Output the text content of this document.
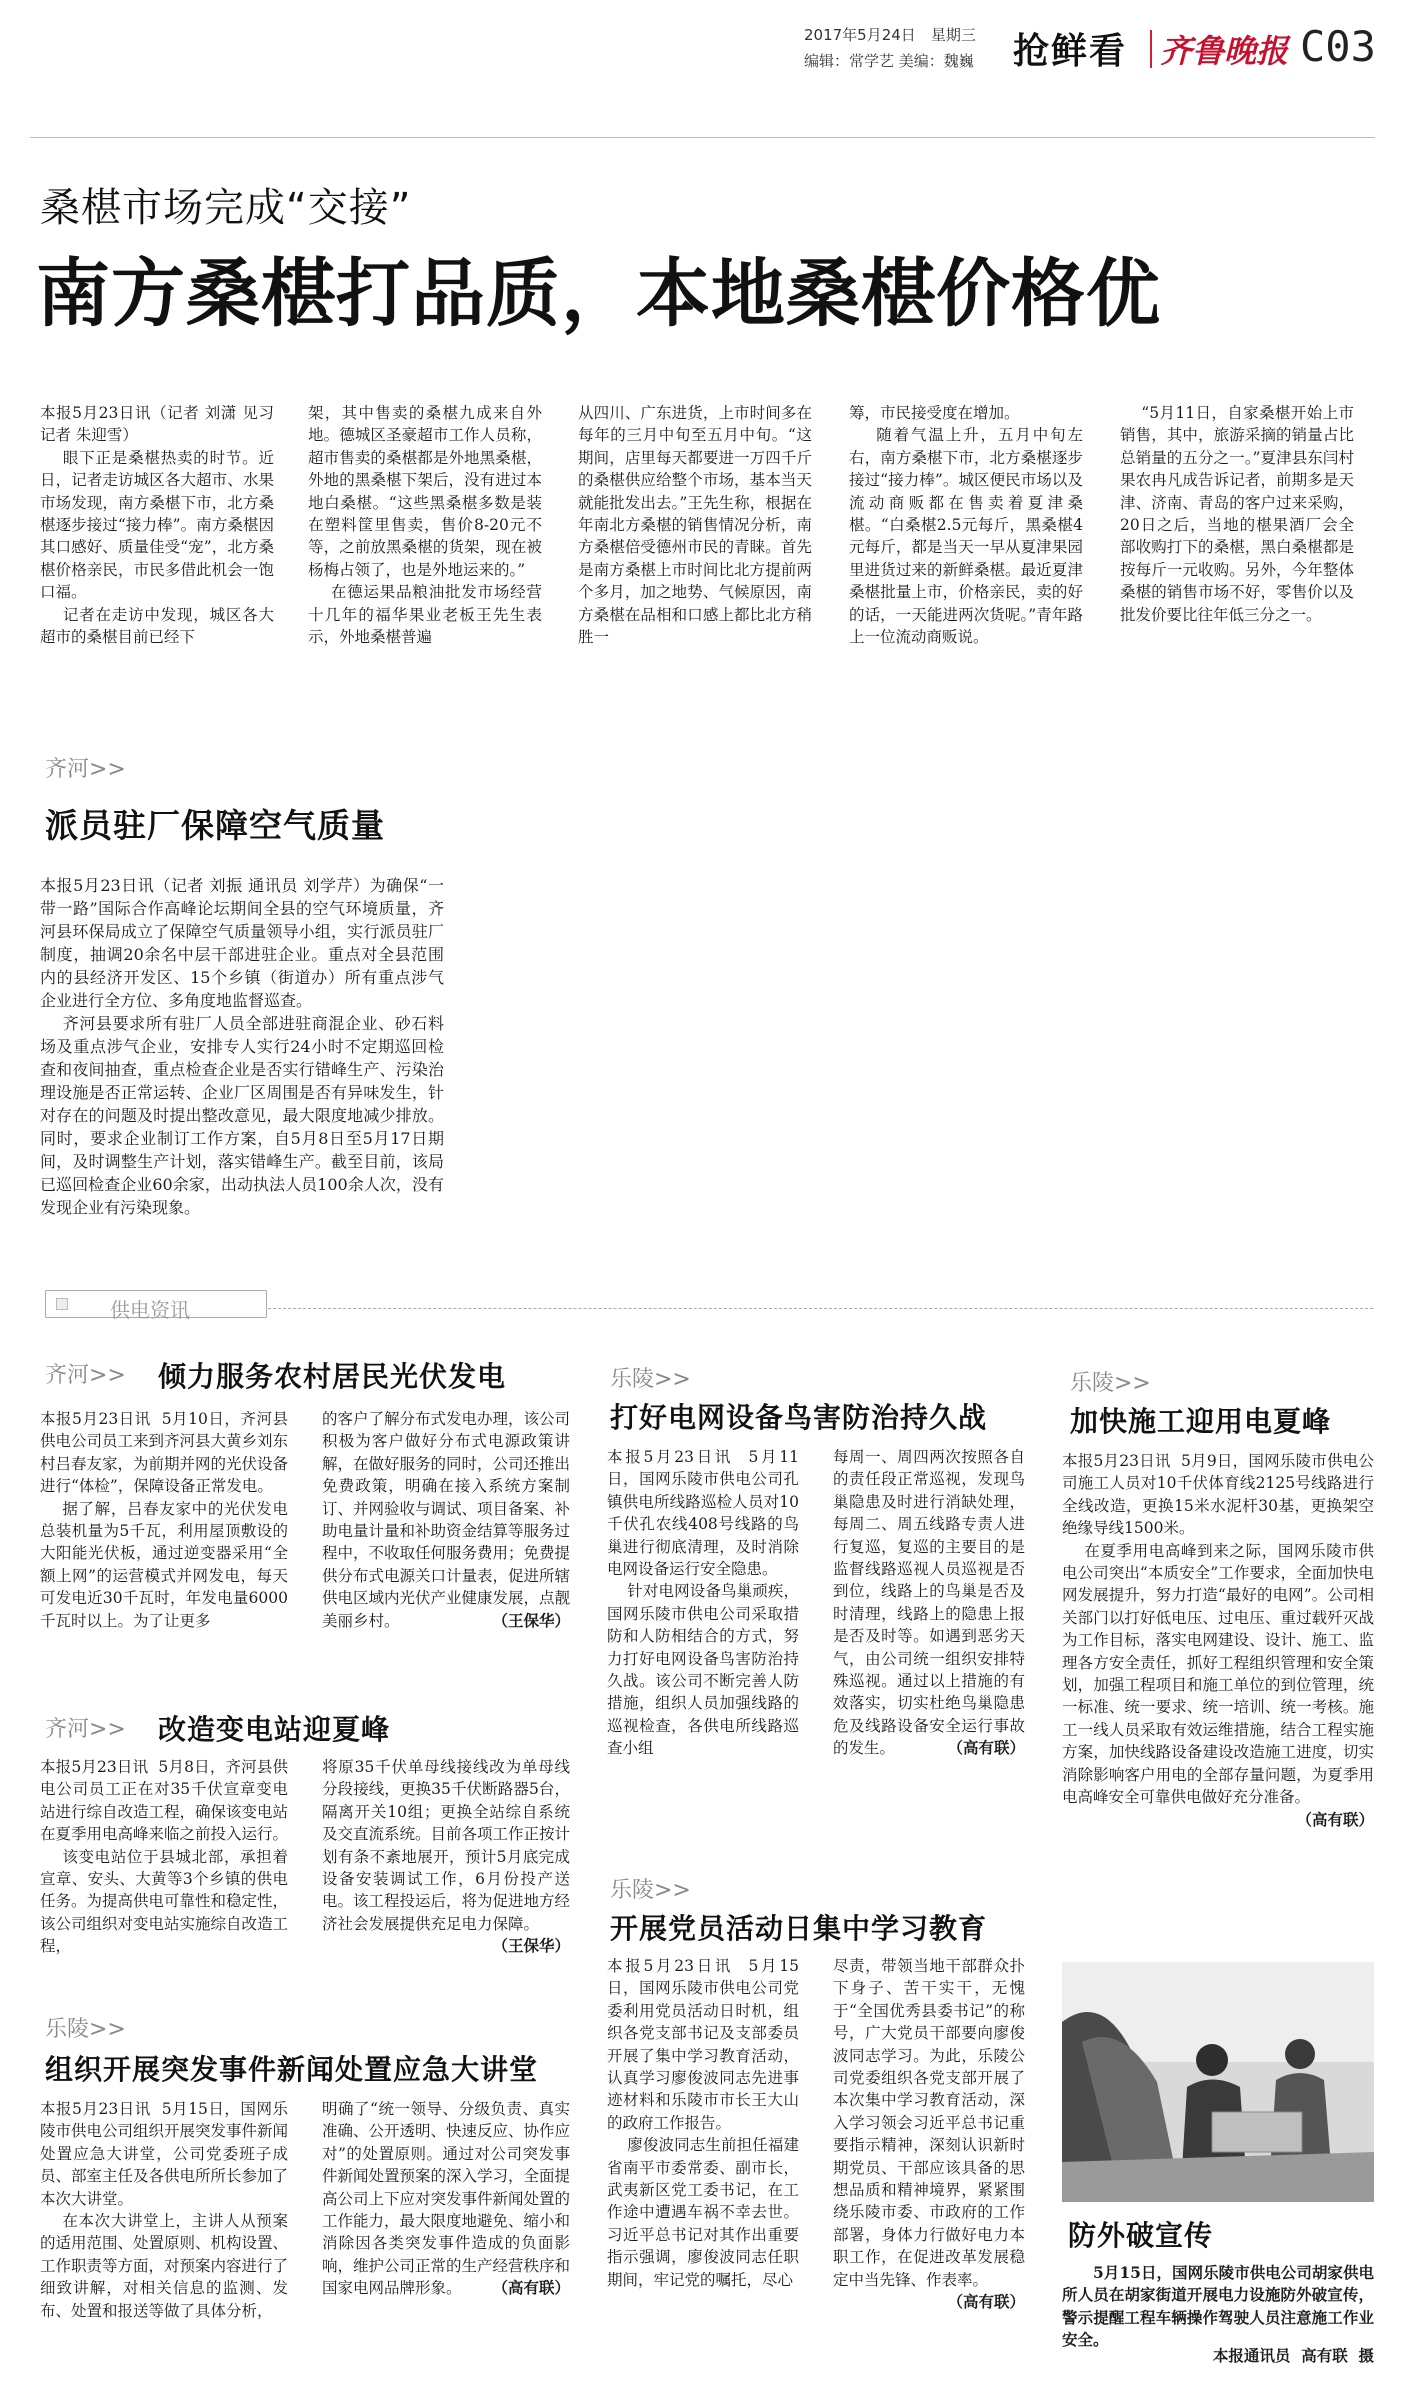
2017年5月24日　 星期三
编辑：常学艺 美编：魏巍 抢鲜看 齐鲁晚报 C03
桑椹市场完成“交接”
南方桑椹打品质，本地桑椹价格优
本报5月23日讯（记者 刘潇 见习记者 朱迎雪）
眼下正是桑椹热卖的时节。近日，记者走访城区各大超市、水果市场发现，南方桑椹下市，北方桑椹逐步接过“接力棒”。南方桑椹因其口感好、质量佳受“宠”，北方桑椹价格亲民，市民多借此机会一饱口福。
记者在走访中发现，城区各大超市的桑椹目前已经下
架，其中售卖的桑椹九成来自外地。德城区圣豪超市工作人员称，超市售卖的桑椹都是外地黑桑椹，外地的黑桑椹下架后，没有进过本地白桑椹。“这些黑桑椹多数是装在塑料筐里售卖，售价8-20元不等，之前放黑桑椹的货架，现在被杨梅占领了，也是外地运来的。”
在德运果品粮油批发市场经营十几年的福华果业老板王先生表示，外地桑椹普遍
从四川、广东进货，上市时间多在每年的三月中旬至五月中旬。“这期间，店里每天都要进一万四千斤的桑椹供应给整个市场，基本当天就能批发出去。”王先生称，根据在年南北方桑椹的销售情况分析，南方桑椹倍受德州市民的青睐。首先是南方桑椹上市时间比北方提前两个多月，加之地势、气候原因，南方桑椹在品相和口感上都比北方稍胜一
筹，市民接受度在增加。
随着气温上升，五月中旬左右，南方桑椹下市，北方桑椹逐步接过“接力棒”。城区便民市场以及流动商贩都在售卖着夏津桑椹。“白桑椹2.5元每斤，黑桑椹4元每斤，都是当天一早从夏津果园里进货过来的新鲜桑椹。最近夏津桑椹批量上市，价格亲民，卖的好的话，一天能进两次货呢。”青年路上一位流动商贩说。
“5月11日，自家桑椹开始上市销售，其中，旅游采摘的销量占比总销量的五分之一。”夏津县东闫村果农冉凡成告诉记者，前期多是天津、济南、青岛的客户过来采购，20日之后，当地的椹果酒厂会全部收购打下的桑椹，黑白桑椹都是按每斤一元收购。另外，今年整体桑椹的销售市场不好，零售价以及批发价要比往年低三分之一。
齐河>>
派员驻厂保障空气质量
本报5月23日讯（记者 刘振 通讯员 刘学芹）为确保“一带一路”国际合作高峰论坛期间全县的空气环境质量，齐河县环保局成立了保障空气质量领导小组，实行派员驻厂制度，抽调20余名中层干部进驻企业。重点对全县范围内的县经济开发区、15个乡镇（街道办）所有重点涉气企业进行全方位、多角度地监督巡查。
齐河县要求所有驻厂人员全部进驻商混企业、砂石料场及重点涉气企业，安排专人实行24小时不定期巡回检查和夜间抽查，重点检查企业是否实行错峰生产、污染治理设施是否正常运转、企业厂区周围是否有异味发生，针对存在的问题及时提出整改意见，最大限度地减少排放。同时，要求企业制订工作方案，自5月8日至5月17日期间，及时调整生产计划，落实错峰生产。截至目前，该局已巡回检查企业60余家，出动执法人员100余人次，没有发现企业有污染现象。
供电资讯
齐河>> 倾力服务农村居民光伏发电
本报5月23日讯  5月10日，齐河县供电公司员工来到齐河县大黄乡刘东村吕春友家，为前期并网的光伏设备进行“体检”，保障设备正常发电。
据了解，吕春友家中的光伏发电总装机量为5千瓦，利用屋顶敷设的大阳能光伏板，通过逆变器采用“全额上网”的运营模式并网发电，每天可发电近30千瓦时，年发电量6000千瓦时以上。为了让更多
的客户了解分布式发电办理，该公司积极为客户做好分布式电源政策讲解，在做好服务的同时，公司还推出免费政策，明确在接入系统方案制订、并网验收与调试、项目备案、补助电量计量和补助资金结算等服务过程中，不收取任何服务费用；免费提供分布式电源关口计量表，促进所辖供电区域内光伏产业健康发展，点靓美丽乡村。	（王保华）
齐河>> 改造变电站迎夏峰
本报5月23日讯  5月8日，齐河县供电公司员工正在对35千伏宣章变电站进行综自改造工程，确保该变电站在夏季用电高峰来临之前投入运行。
该变电站位于县城北部，承担着宣章、安头、大黄等3个乡镇的供电任务。为提高供电可靠性和稳定性，该公司组织对变电站实施综自改造工程，
将原35千伏单母线接线改为单母线分段接线，更换35千伏断路器5台，隔离开关10组；更换全站综自系统及交直流系统。目前各项工作正按计划有条不紊地展开，预计5月底完成设备安装调试工作，6月份投产送电。该工程投运后，将为促进地方经济社会发展提供充足电力保障。
（王保华）
乐陵>>
组织开展突发事件新闻处置应急大讲堂
本报5月23日讯  5月15日，国网乐陵市供电公司组织开展突发事件新闻处置应急大讲堂，公司党委班子成员、部室主任及各供电所所长参加了本次大讲堂。
在本次大讲堂上，主讲人从预案的适用范围、处置原则、机构设置、工作职责等方面，对预案内容进行了细致讲解，对相关信息的监测、发布、处置和报送等做了具体分析，
明确了“统一领导、分级负责、真实准确、公开透明、快速反应、协作应对”的处置原则。通过对公司突发事件新闻处置预案的深入学习，全面提高公司上下应对突发事件新闻处置的工作能力，最大限度地避免、缩小和消除因各类突发事件造成的负面影响，维护公司正常的生产经营秩序和国家电网品牌形象。 （高有联）
乐陵>>
打好电网设备鸟害防治持久战
本报5月23日讯  5月11日，国网乐陵市供电公司孔镇供电所线路巡检人员对10千伏孔农线408号线路的鸟巢进行彻底清理，及时消除电网设备运行安全隐患。
针对电网设备鸟巢顽疾，国网乐陵市供电公司采取措防和人防相结合的方式，努力打好电网设备鸟害防治持久战。该公司不断完善人防措施，组织人员加强线路的巡视检查，各供电所线路巡查小组
每周一、周四两次按照各自的责任段正常巡视，发现鸟巢隐患及时进行消缺处理，每周二、周五线路专责人进行复巡，复巡的主要目的是监督线路巡视人员巡视是否到位，线路上的鸟巢是否及时清理，线路上的隐患上报是否及时等。如遇到恶劣天气，由公司统一组织安排特殊巡视。通过以上措施的有效落实，切实杜绝鸟巢隐患危及线路设备安全运行事故的发生。	（高有联）
乐陵>>
开展党员活动日集中学习教育
本报5月23日讯  5月15日，国网乐陵市供电公司党委利用党员活动日时机，组织各党支部书记及支部委员开展了集中学习教育活动，认真学习廖俊波同志先进事迹材料和乐陵市市长王大山的政府工作报告。
廖俊波同志生前担任福建省南平市委常委、副市长，武夷新区党工委书记，在工作途中遭遇车祸不幸去世。习近平总书记对其作出重要指示强调，廖俊波同志任职期间，牢记党的嘱托，尽心
尽责，带领当地干部群众扑下身子、苦干实干，无愧于“全国优秀县委书记”的称号，广大党员干部要向廖俊波同志学习。为此，乐陵公司党委组织各党支部开展了本次集中学习教育活动，深入学习领会习近平总书记重要指示精神，深刻认识新时期党员、干部应该具备的思想品质和精神境界，紧紧围绕乐陵市委、市政府的工作部署，身体力行做好电力本职工作，在促进改革发展稳定中当先锋、作表率。
（高有联）
乐陵>>
加快施工迎用电夏峰
本报5月23日讯  5月9日，国网乐陵市供电公司施工人员对10千伏体育线2125号线路进行全线改造，更换15米水泥杆30基，更换架空绝缘导线1500米。
在夏季用电高峰到来之际，国网乐陵市供电公司突出“本质安全”工作要求，全面加快电网发展提升，努力打造“最好的电网”。公司相关部门以打好低电压、过电压、重过载歼灭战为工作目标，落实电网建设、设计、施工、监理各方安全责任，抓好工程组织管理和安全策划，加强工程项目和施工单位的到位管理，统一标准、统一要求、统一培训、统一考核。施工一线人员采取有效运维措施，结合工程实施方案，加快线路设备建设改造施工进度，切实消除影响客户用电的全部存量问题，为夏季用电高峰安全可靠供电做好充分准备。
（高有联）
防外破宣传
5月15日，国网乐陵市供电公司胡家供电所人员在胡家街道开展电力设施防外破宣传，警示提醒工程车辆操作驾驶人员注意施工作业安全。
本报通讯员  高有联  摄
